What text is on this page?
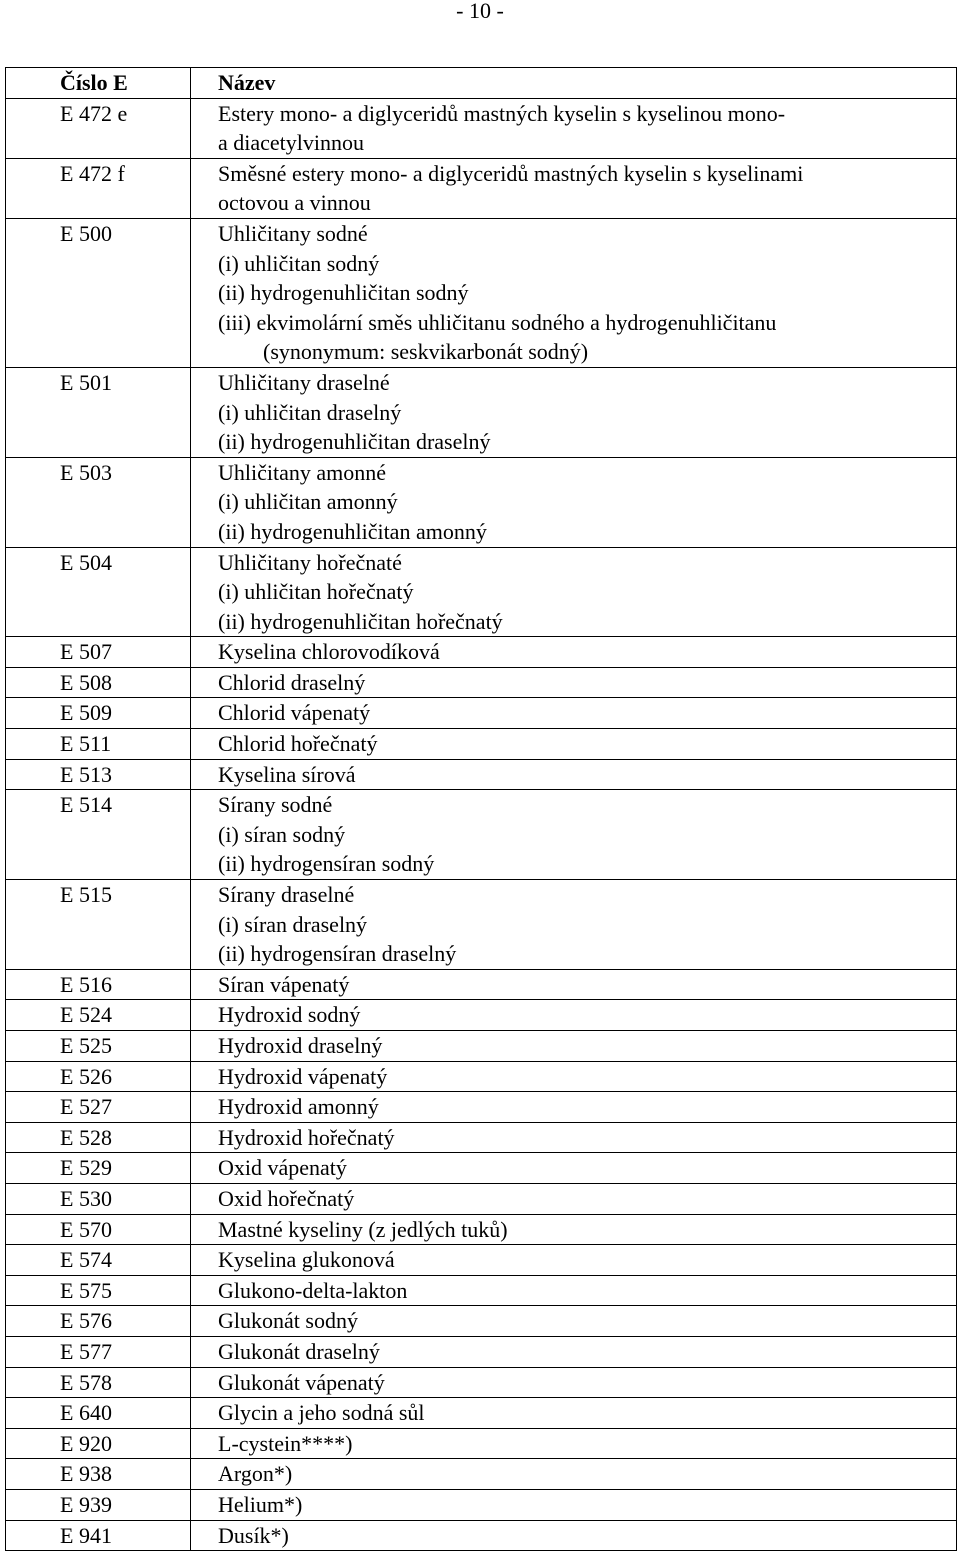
- 10 -
Číslo E	Název

E 472 e	Estery mono- a diglyceridů mastných kyselin s kyselinou mono-
a diacetylvinnou

E 472 f	Směsné estery mono- a diglyceridů mastných kyselin s kyselinami
octovou a vinnou

E 500	Uhličitany sodné
(i) uhličitan sodný
(ii) hydrogenuhličitan sodný
(iii) ekvimolární směs uhličitanu sodného a hydrogenuhličitanu
(synonymum: seskvikarbonát sodný)

E 501	Uhličitany draselné
(i) uhličitan draselný
(ii) hydrogenuhličitan draselný

E 503	Uhličitany amonné
(i) uhličitan amonný
(ii) hydrogenuhličitan amonný

E 504	Uhličitany hořečnaté
(i) uhličitan hořečnatý
(ii) hydrogenuhličitan hořečnatý

E 507	Kyselina chlorovodíková

E 508	Chlorid draselný

E 509	Chlorid vápenatý

E 511	Chlorid hořečnatý

E 513	Kyselina sírová

E 514	Sírany sodné
(i) síran sodný
(ii) hydrogensíran sodný

E 515	Sírany draselné
(i) síran draselný
(ii) hydrogensíran draselný

E 516	Síran vápenatý

E 524	Hydroxid sodný

E 525	Hydroxid draselný

E 526	Hydroxid vápenatý

E 527	Hydroxid amonný

E 528	Hydroxid hořečnatý

E 529	Oxid vápenatý

E 530	Oxid hořečnatý

E 570	Mastné kyseliny (z jedlých tuků)

E 574	Kyselina glukonová

E 575	Glukono-delta-lakton

E 576	Glukonát sodný

E 577	Glukonát draselný

E 578	Glukonát vápenatý

E 640	Glycin a jeho sodná sůl

E 920	L-cystein****)

E 938	Argon*)

E 939	Helium*)

E 941	Dusík*)
